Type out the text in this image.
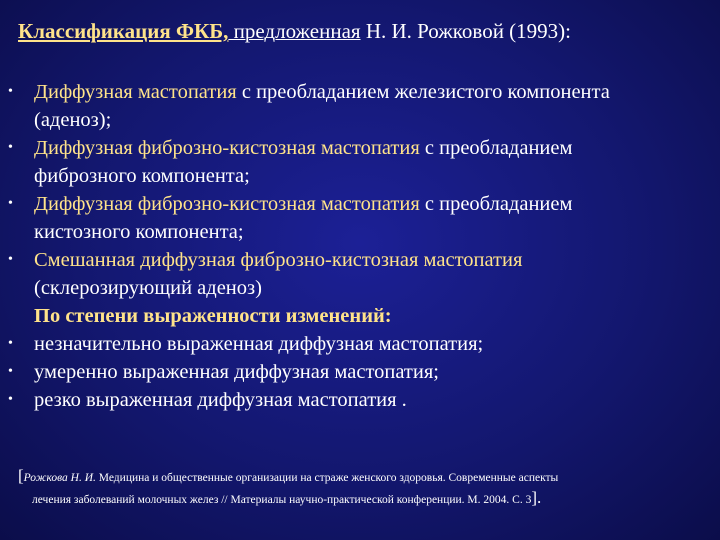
Классификация ФКБ, предложенная Н. И. Рожковой (1993):
• Диффузная мастопатия с преобладанием железистого компонента
(аденоз);
• Диффузная фиброзно-кистозная мастопатия с преобладанием
фиброзного компонента;
• Диффузная фиброзно-кистозная мастопатия с преобладанием
кистозного компонента;
• Смешанная диффузная фиброзно-кистозная мастопатия
(склерозирующий аденоз)
По степени выраженности изменений:
• незначительно выраженная диффузная мастопатия;
• умеренно выраженная диффузная мастопатия;
• резко выраженная диффузная мастопатия .
[Рожкова Н. И. Медицина и общественные организации на страже женского здоровья. Современные аспекты
лечения заболеваний молочных желез // Материалы научно-практической конференции. М. 2004. С. 3].
